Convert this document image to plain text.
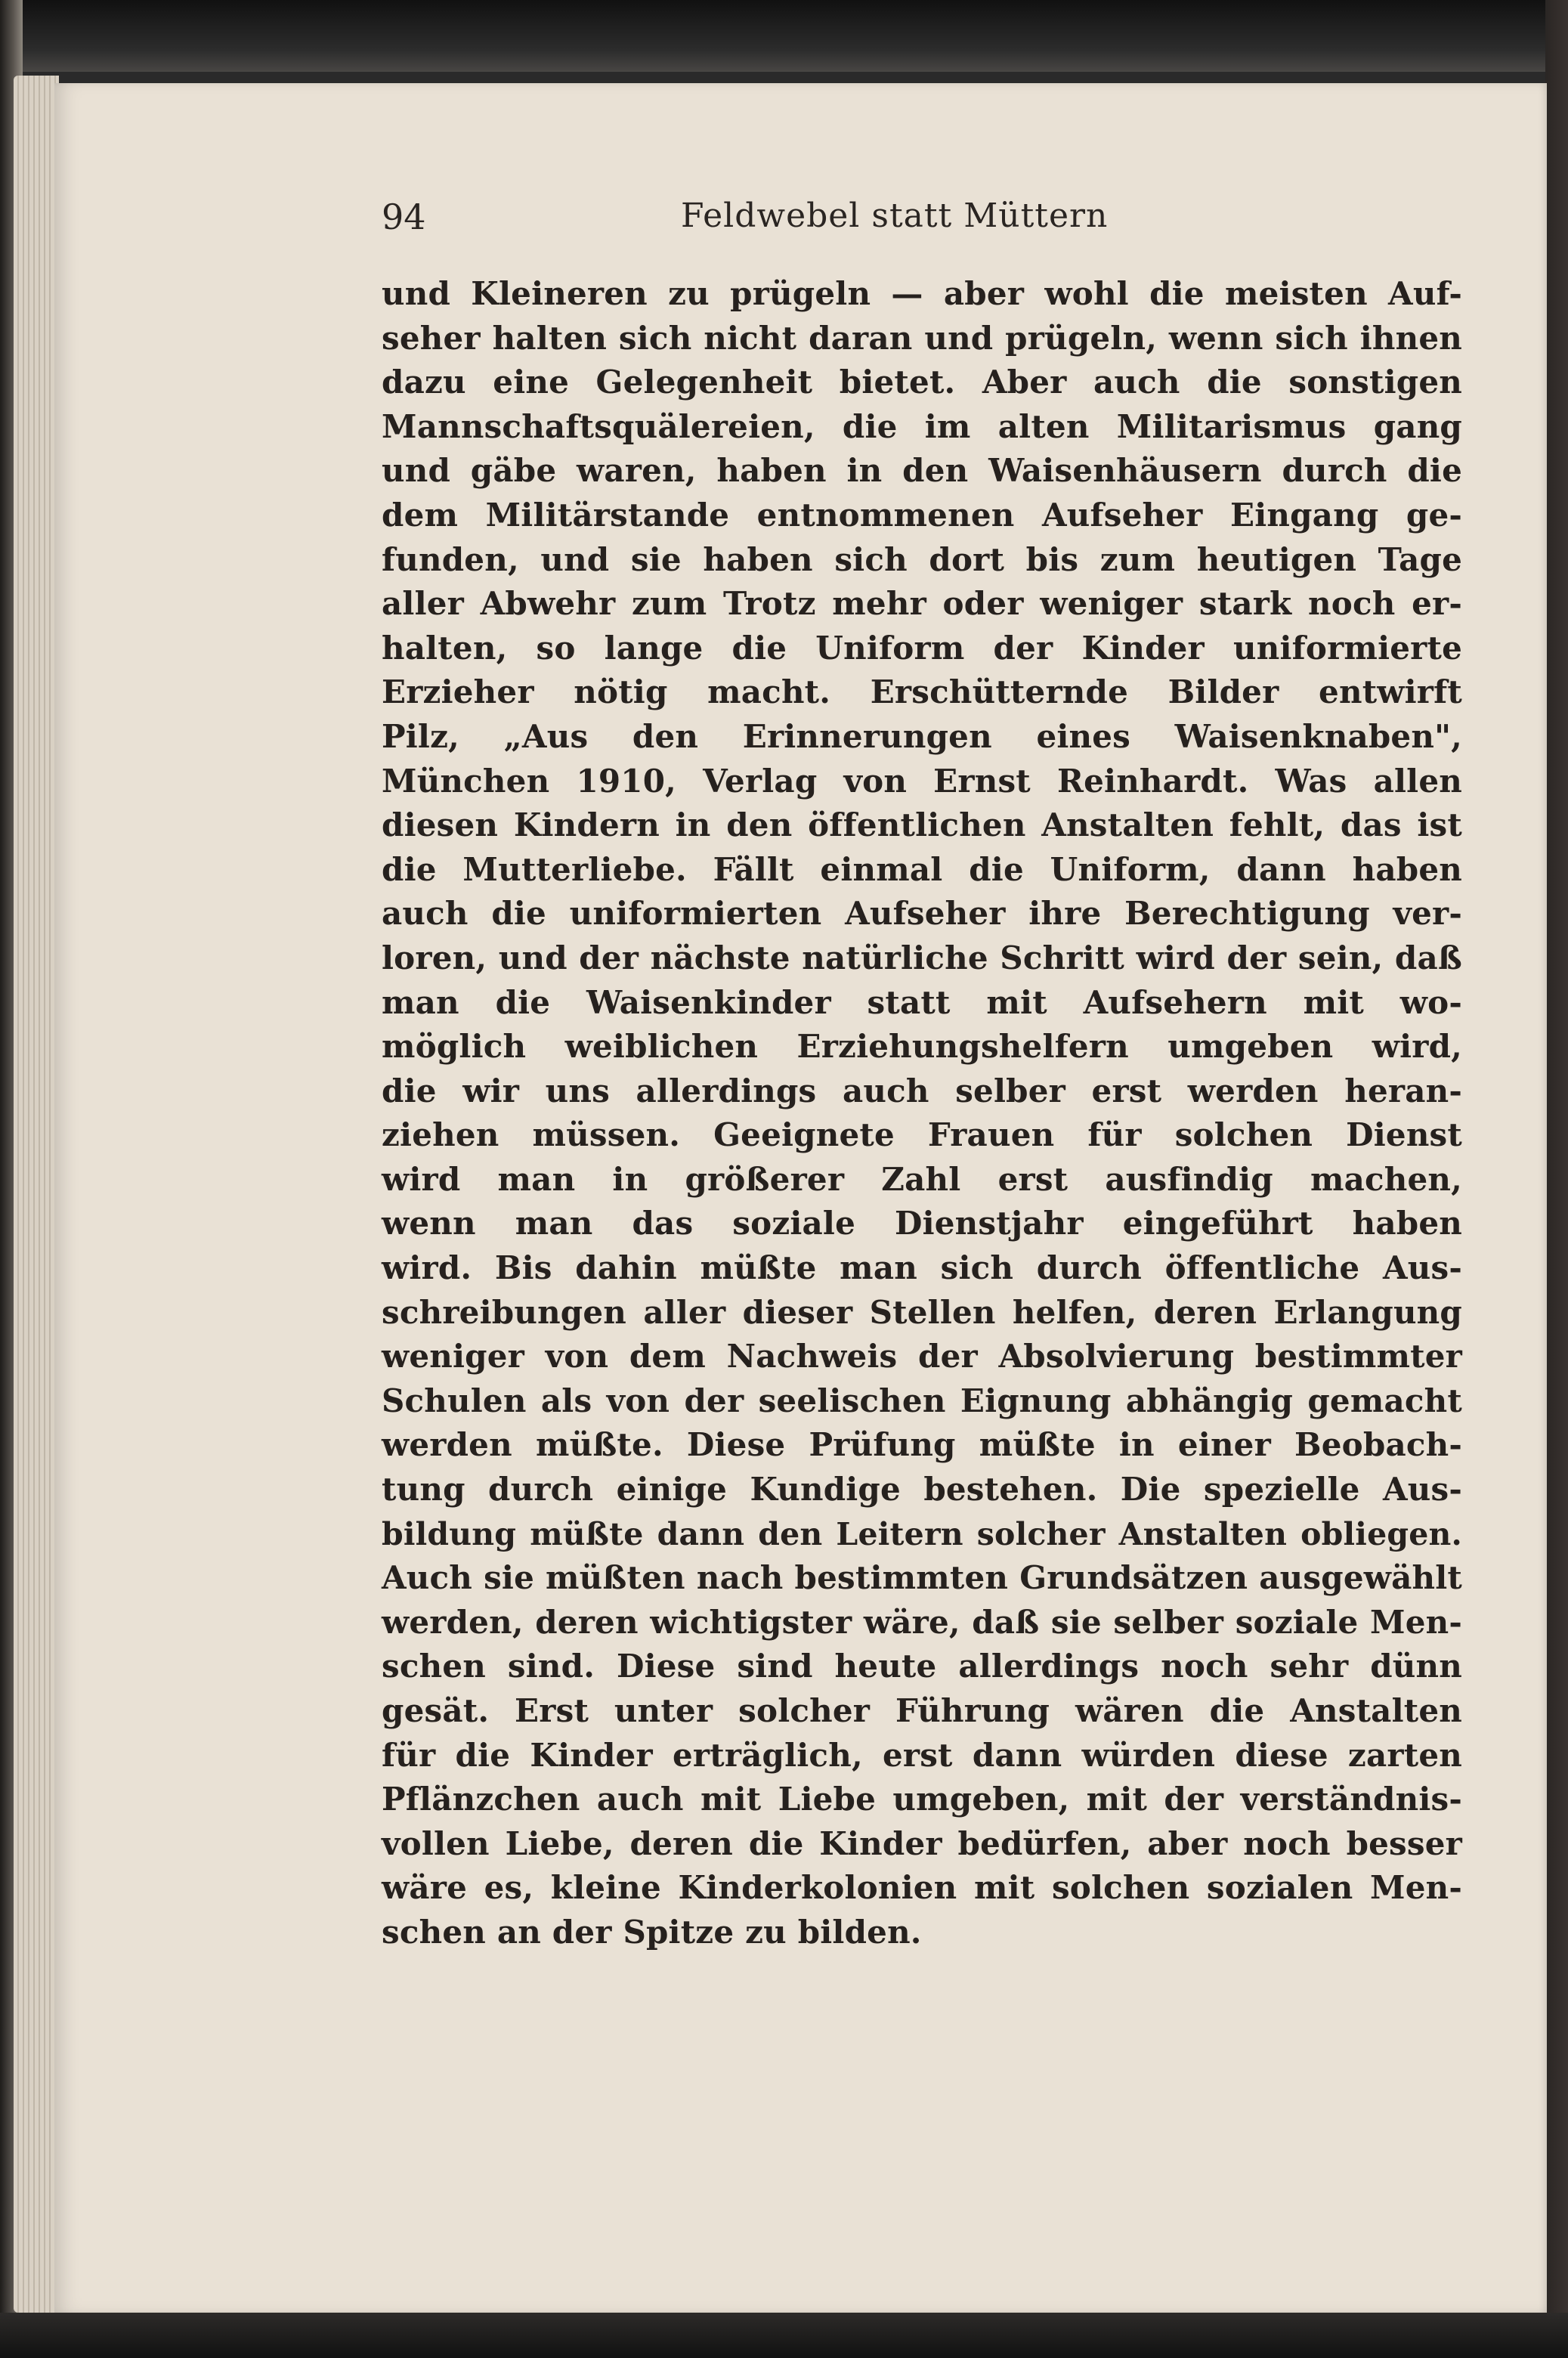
94	Feldwebel statt Müttern
und Kleineren zu prügeln — aber wohl die meisten Auf-
seher halten sich nicht daran und prügeln, wenn sich ihnen
dazu eine Gelegenheit bietet. Aber auch die sonstigen
Mannschaftsquälereien, die im alten Militarismus gang
und gäbe waren, haben in den Waisenhäusern durch die
dem Militärstande entnommenen Aufseher Eingang ge-
funden, und sie haben sich dort bis zum heutigen Tage
aller Abwehr zum Trotz mehr oder weniger stark noch er-
halten, so lange die Uniform der Kinder uniformierte
Erzieher nötig macht. Erschütternde Bilder entwirft
Pilz, „Aus den Erinnerungen eines Waisenknaben",
München 1910, Verlag von Ernst Reinhardt. Was allen
diesen Kindern in den öffentlichen Anstalten fehlt, das ist
die Mutterliebe. Fällt einmal die Uniform, dann haben
auch die uniformierten Aufseher ihre Berechtigung ver-
loren, und der nächste natürliche Schritt wird der sein, daß
man die Waisenkinder statt mit Aufsehern mit wo-
möglich weiblichen Erziehungshelfern umgeben wird,
die wir uns allerdings auch selber erst werden heran-
ziehen müssen. Geeignete Frauen für solchen Dienst
wird man in größerer Zahl erst ausfindig machen,
wenn man das soziale Dienstjahr eingeführt haben
wird. Bis dahin müßte man sich durch öffentliche Aus-
schreibungen aller dieser Stellen helfen, deren Erlangung
weniger von dem Nachweis der Absolvierung bestimmter
Schulen als von der seelischen Eignung abhängig gemacht
werden müßte. Diese Prüfung müßte in einer Beobach-
tung durch einige Kundige bestehen. Die spezielle Aus-
bildung müßte dann den Leitern solcher Anstalten obliegen.
Auch sie müßten nach bestimmten Grundsätzen ausgewählt
werden, deren wichtigster wäre, daß sie selber soziale Men-
schen sind. Diese sind heute allerdings noch sehr dünn
gesät. Erst unter solcher Führung wären die Anstalten
für die Kinder erträglich, erst dann würden diese zarten
Pflänzchen auch mit Liebe umgeben, mit der verständnis-
vollen Liebe, deren die Kinder bedürfen, aber noch besser
wäre es, kleine Kinderkolonien mit solchen sozialen Men-
schen an der Spitze zu bilden.
